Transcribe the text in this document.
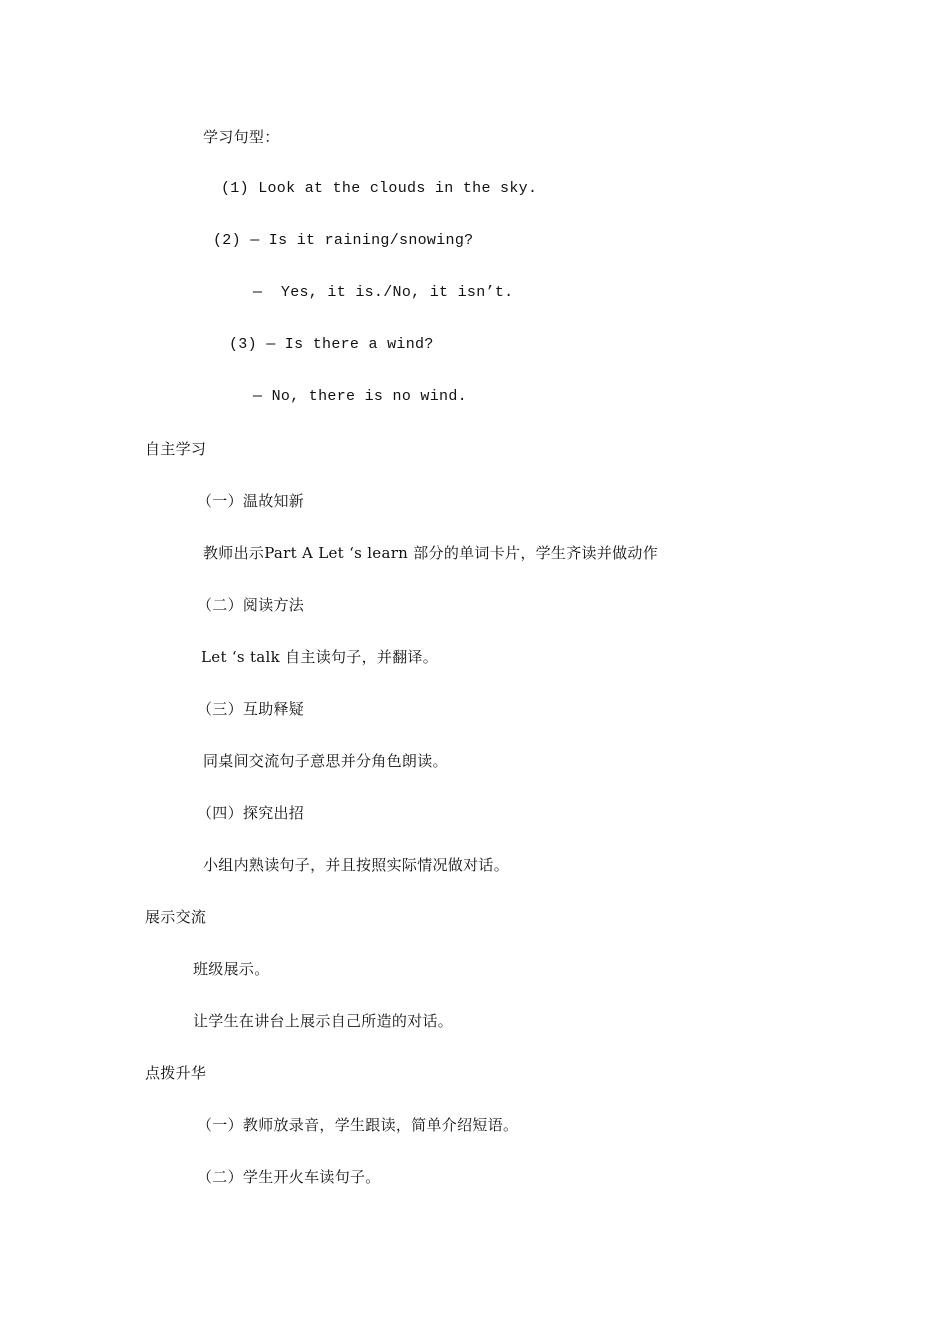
学习句型：
(1) Look at the clouds in the sky.
(2) — Is it raining/snowing?
—  Yes, it is./No, it isn’t.
(3) — Is there a wind?
— No, there is no wind.
自主学习
（一）温故知新
教师出示Part A Let ‘s learn 部分的单词卡片，学生齐读并做动作
（二）阅读方法
Let ‘s talk 自主读句子，并翻译。
（三）互助释疑
同桌间交流句子意思并分角色朗读。
（四）探究出招
小组内熟读句子，并且按照实际情况做对话。
展示交流
班级展示。
让学生在讲台上展示自己所造的对话。
点拨升华
（一）教师放录音，学生跟读，简单介绍短语。
（二）学生开火车读句子。
